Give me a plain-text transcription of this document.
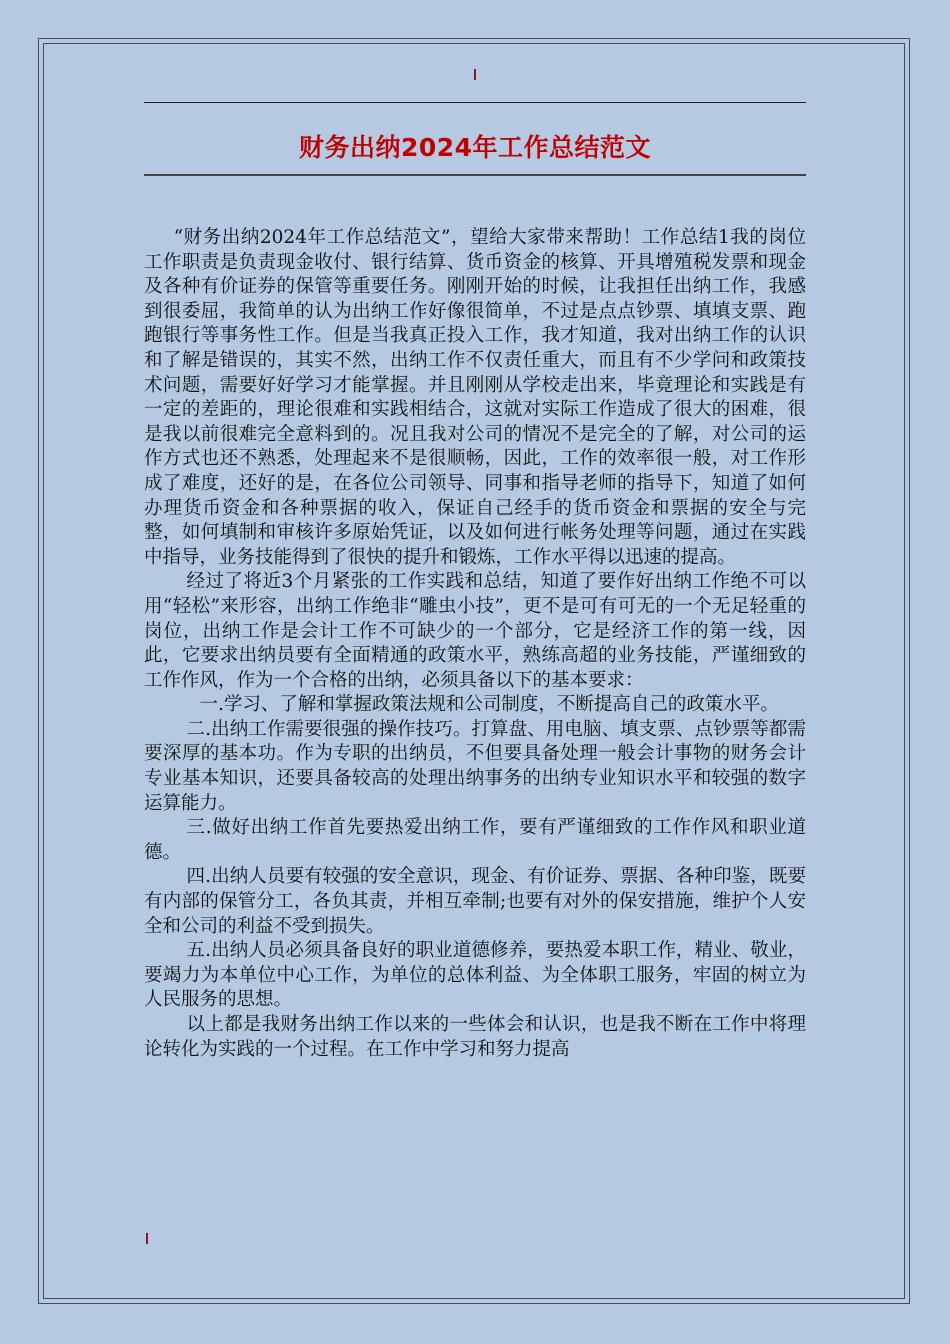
财务出纳2024年工作总结范文

“财务出纳2024年工作总结范文”，望给大家带来帮助！工作总结1我的岗位工作职责是负责现金收付、银行结算、货币资金的核算、开具增殖税发票和现金及各种有价证券的保管等重要任务。刚刚开始的时候，让我担任出纳工作，我感到很委屈，我简单的认为出纳工作好像很简单，不过是点点钞票、填填支票、跑跑银行等事务性工作。但是当我真正投入工作，我才知道，我对出纳工作的认识和了解是错误的，其实不然，出纳工作不仅责任重大，而且有不少学问和政策技术问题，需要好好学习才能掌握。并且刚刚从学校走出来，毕竟理论和实践是有一定的差距的，理论很难和实践相结合，这就对实际工作造成了很大的困难，很是我以前很难完全意料到的。况且我对公司的情况不是完全的了解，对公司的运作方式也还不熟悉，处理起来不是很顺畅，因此，工作的效率很一般，对工作形成了难度，还好的是，在各位公司领导、同事和指导老师的指导下，知道了如何办理货币资金和各种票据的收入，保证自己经手的货币资金和票据的安全与完整，如何填制和审核许多原始凭证，以及如何进行帐务处理等问题，通过在实践中指导，业务技能得到了很快的提升和锻炼，工作水平得以迅速的提高。

经过了将近3个月紧张的工作实践和总结，知道了要作好出纳工作绝不可以用“轻松”来形容，出纳工作绝非“雕虫小技”，更不是可有可无的一个无足轻重的岗位，出纳工作是会计工作不可缺少的一个部分，它是经济工作的第一线，因此，它要求出纳员要有全面精通的政策水平，熟练高超的业务技能，严谨细致的工作作风，作为一个合格的出纳，必须具备以下的基本要求：

一.学习、了解和掌握政策法规和公司制度，不断提高自己的政策水平。

二.出纳工作需要很强的操作技巧。打算盘、用电脑、填支票、点钞票等都需要深厚的基本功。作为专职的出纳员，不但要具备处理一般会计事物的财务会计专业基本知识，还要具备较高的处理出纳事务的出纳专业知识水平和较强的数字运算能力。

三.做好出纳工作首先要热爱出纳工作，要有严谨细致的工作作风和职业道德。

四.出纳人员要有较强的安全意识，现金、有价证券、票据、各种印鉴，既要有内部的保管分工，各负其责，并相互牵制;也要有对外的保安措施，维护个人安全和公司的利益不受到损失。

五.出纳人员必须具备良好的职业道德修养，要热爱本职工作，精业、敬业，要竭力为本单位中心工作，为单位的总体利益、为全体职工服务，牢固的树立为人民服务的思想。

以上都是我财务出纳工作以来的一些体会和认识，也是我不断在工作中将理论转化为实践的一个过程。在工作中学习和努力提高
